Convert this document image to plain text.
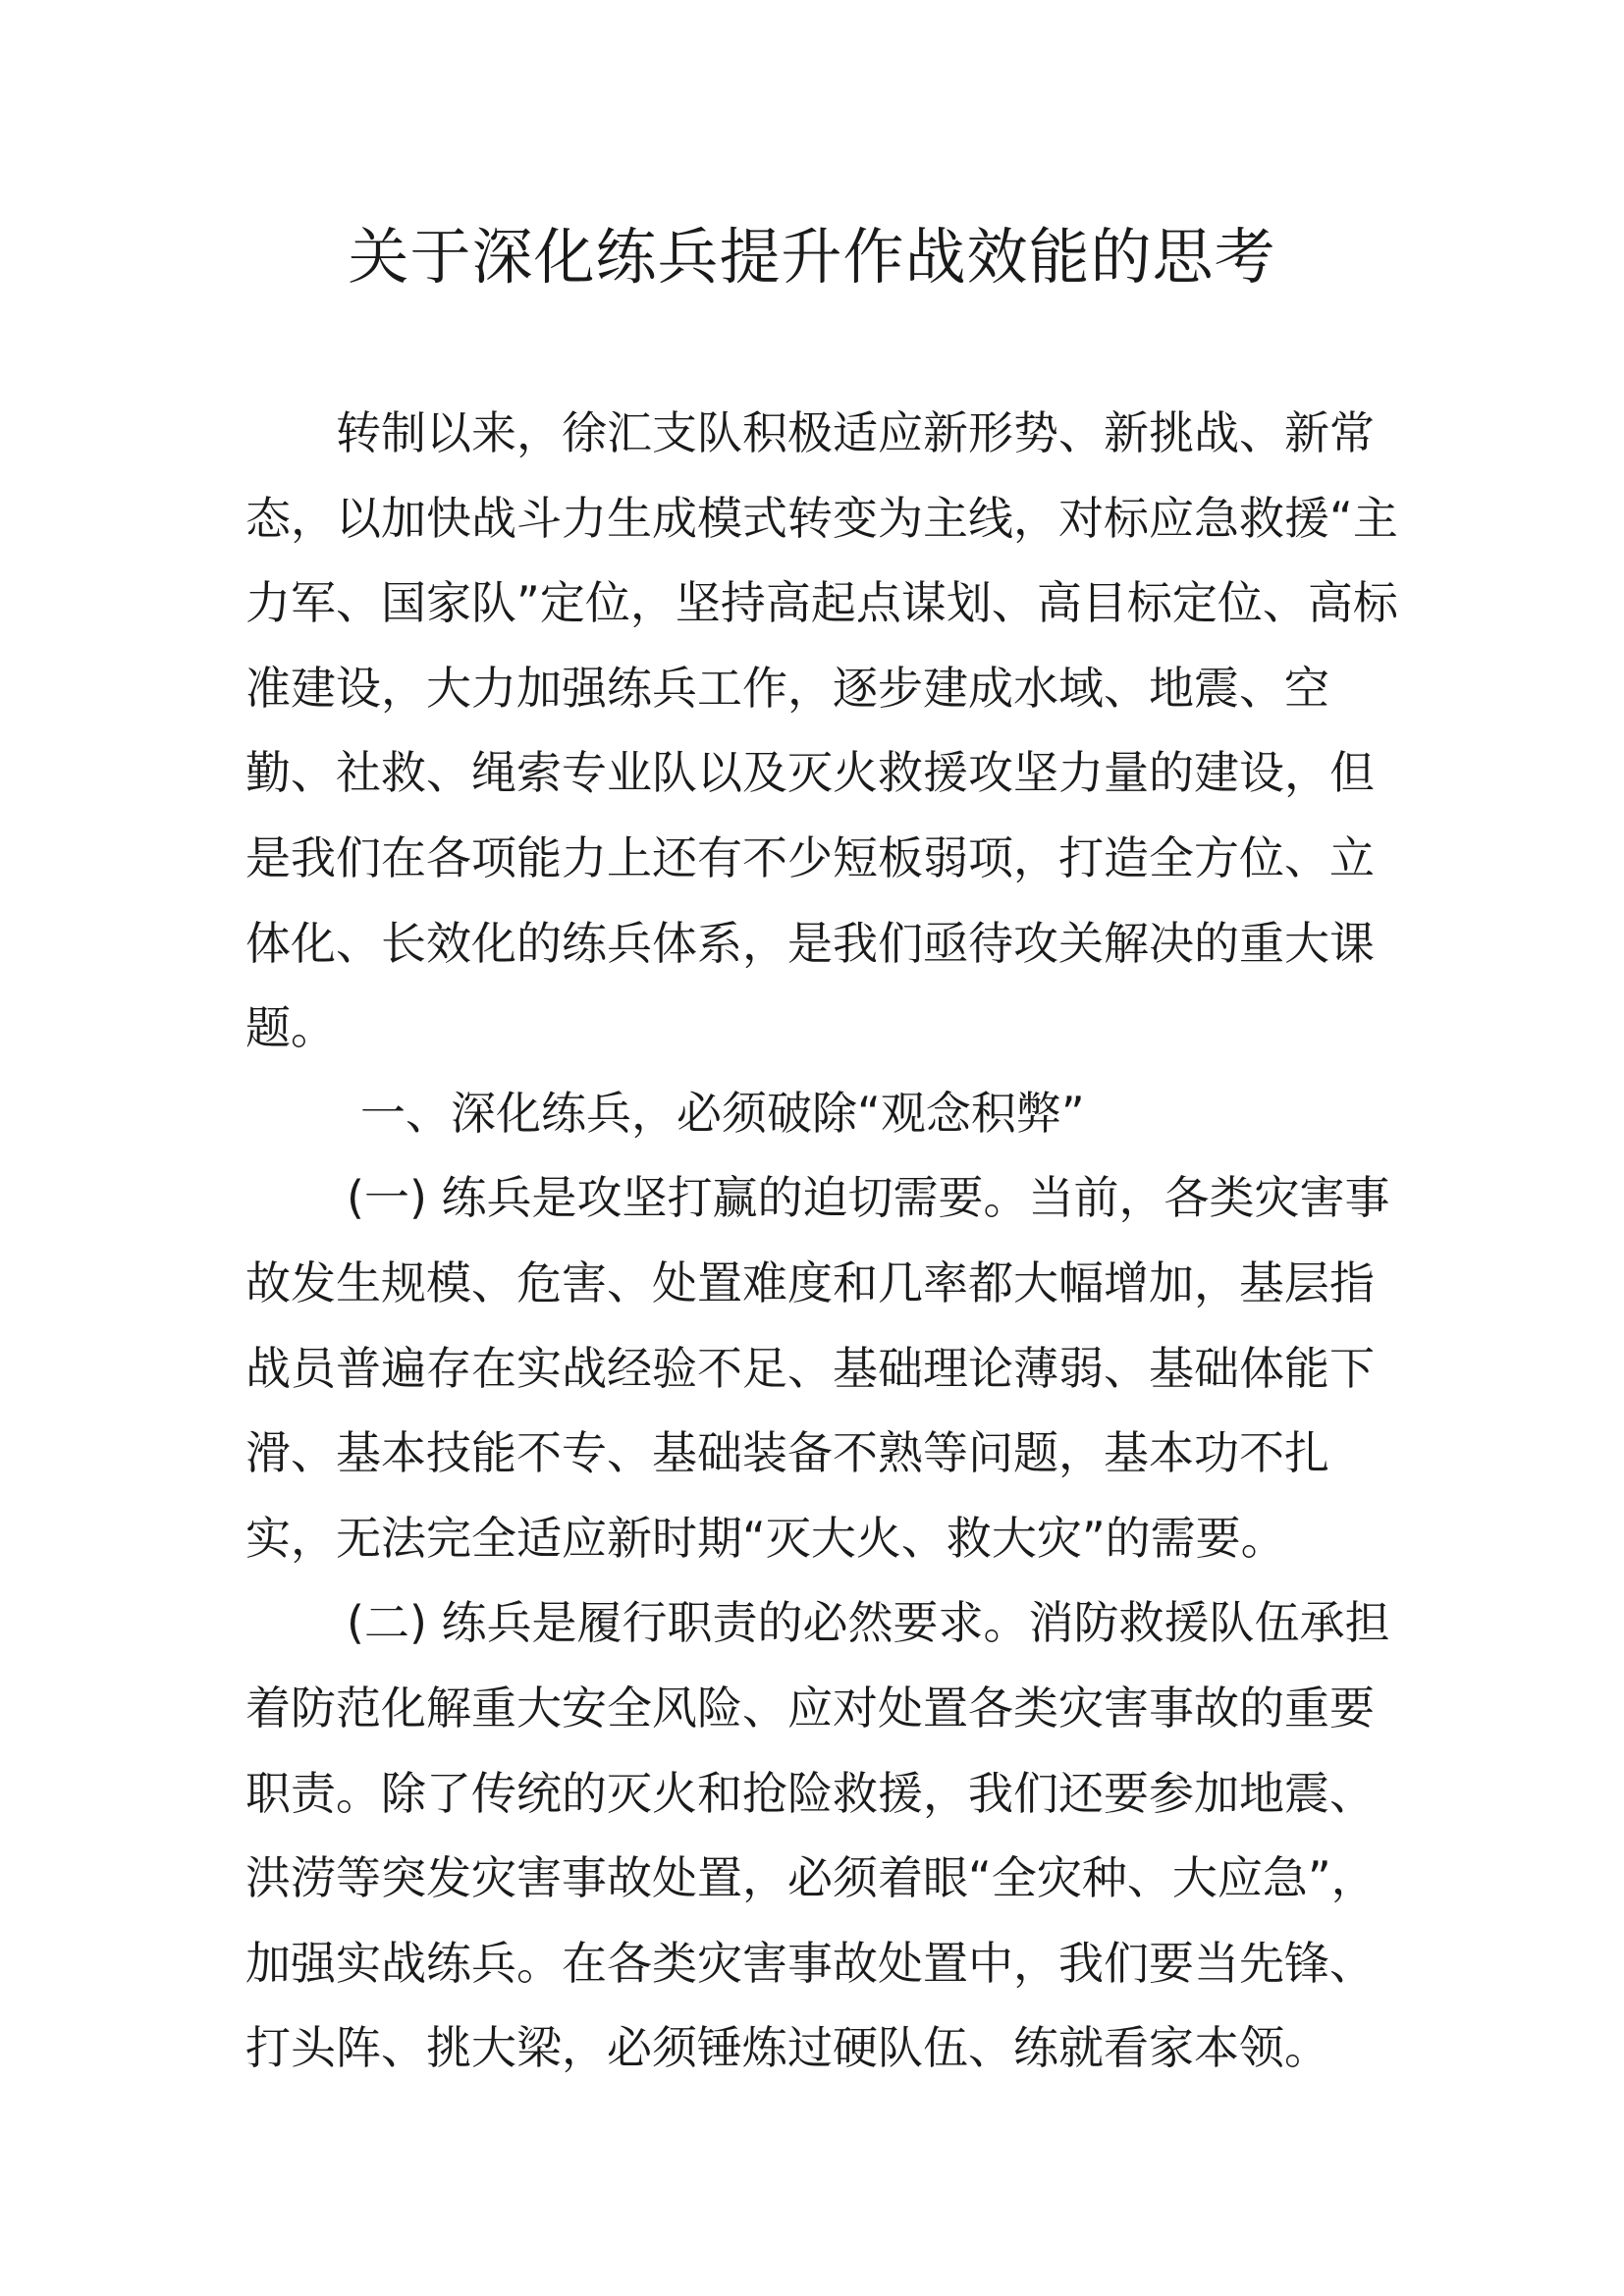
关于深化练兵提升作战效能的思考

转制以来，徐汇支队积极适应新形势、新挑战、新常态，以加快战斗力生成模式转变为主线，对标应急救援“主力军、国家队”定位，坚持高起点谋划、高目标定位、高标准建设，大力加强练兵工作，逐步建成水域、地震、空勤、社救、绳索专业队以及灭火救援攻坚力量的建设，但是我们在各项能力上还有不少短板弱项，打造全方位、立体化、长效化的练兵体系，是我们亟待攻关解决的重大课题。

一、深化练兵，必须破除“观念积弊”

(一) 练兵是攻坚打赢的迫切需要。当前，各类灾害事故发生规模、危害、处置难度和几率都大幅增加，基层指战员普遍存在实战经验不足、基础理论薄弱、基础体能下滑、基本技能不专、基础装备不熟等问题，基本功不扎实，无法完全适应新时期“灭大火、救大灾”的需要。

(二) 练兵是履行职责的必然要求。消防救援队伍承担着防范化解重大安全风险、应对处置各类灾害事故的重要职责。除了传统的灭火和抢险救援，我们还要参加地震、洪涝等突发灾害事故处置，必须着眼“全灾种、大应急”，加强实战练兵。在各类灾害事故处置中，我们要当先锋、打头阵、挑大梁，必须锤炼过硬队伍、练就看家本领。
